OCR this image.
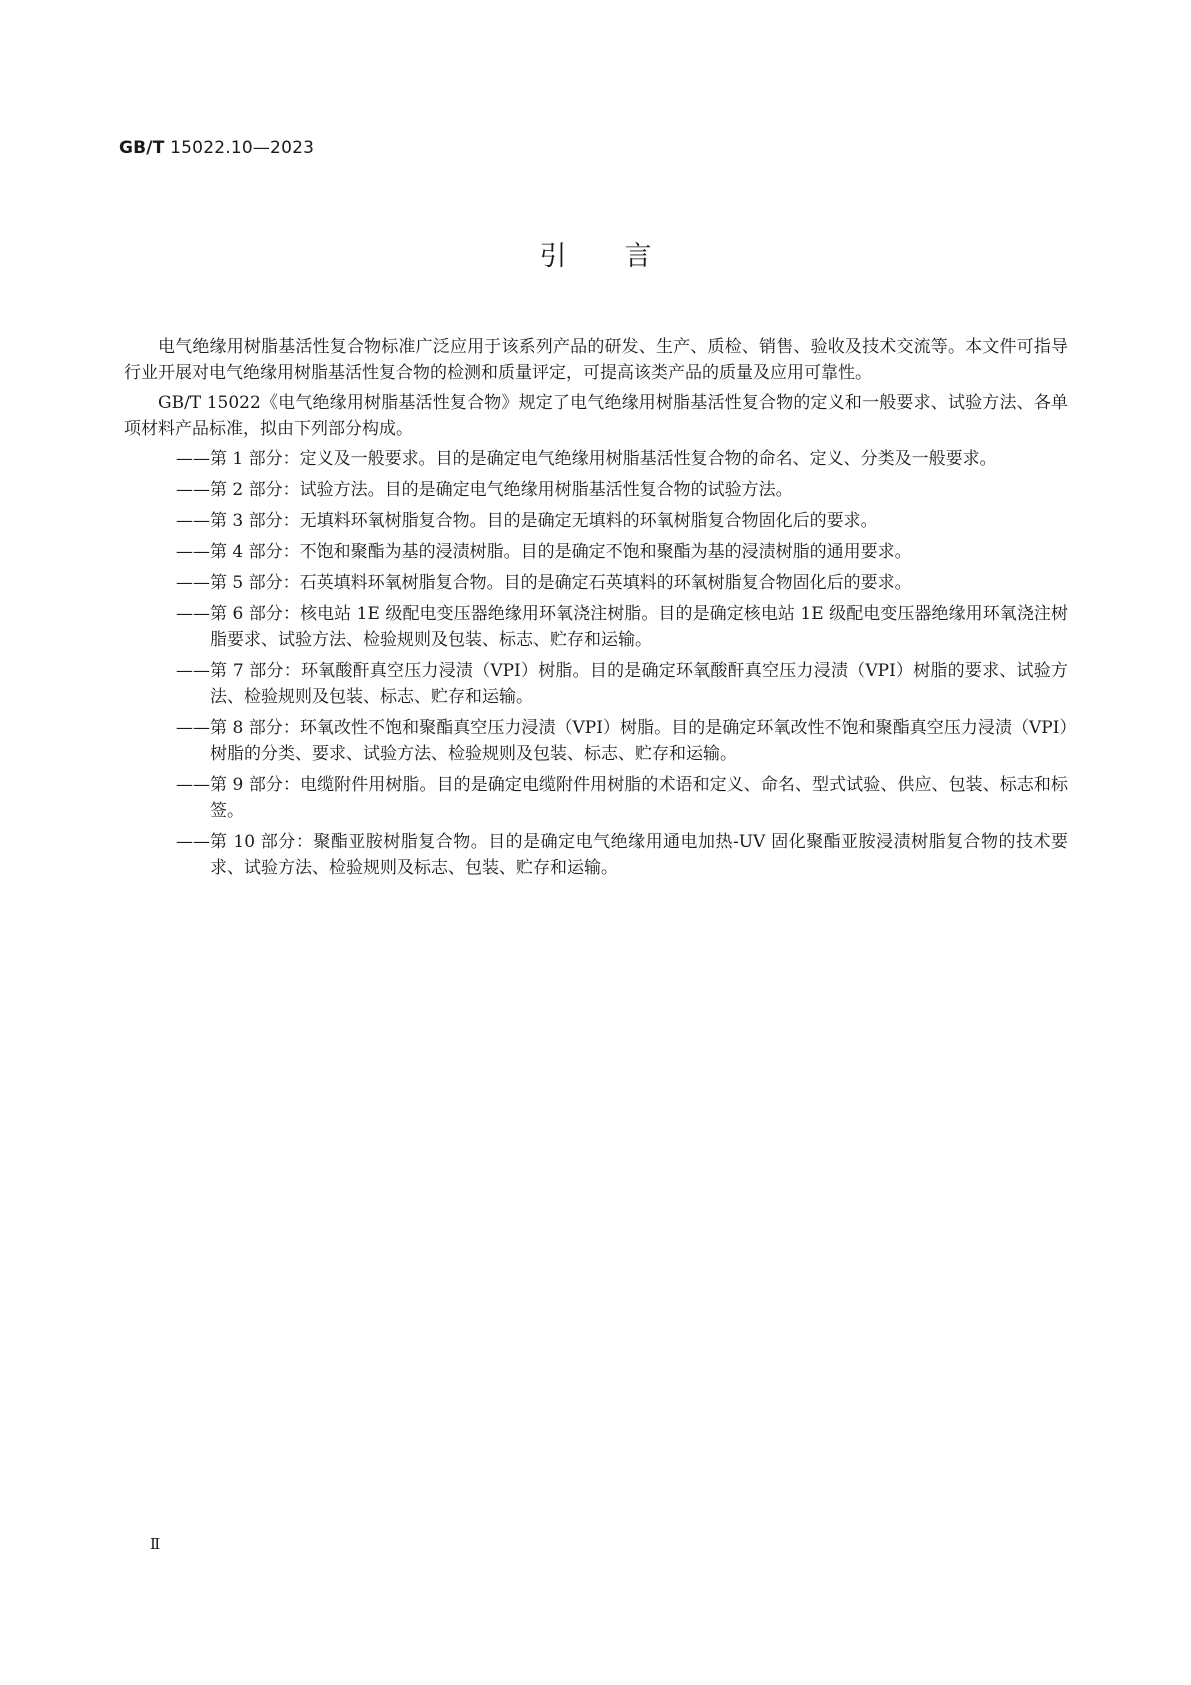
GB/T 15022.10—2023
引言

电气绝缘用树脂基活性复合物标准广泛应用于该系列产品的研发、生产、质检、销售、验收及技术交流等。本文件可指导行业开展对电气绝缘用树脂基活性复合物的检测和质量评定，可提高该类产品的质量及应用可靠性。

GB/T 15022《电气绝缘用树脂基活性复合物》规定了电气绝缘用树脂基活性复合物的定义和一般要求、试验方法、各单项材料产品标准，拟由下列部分构成。

—— 第 1 部分：定义及一般要求。目的是确定电气绝缘用树脂基活性复合物的命名、定义、分类及一般要求。
—— 第 2 部分：试验方法。目的是确定电气绝缘用树脂基活性复合物的试验方法。
—— 第 3 部分：无填料环氧树脂复合物。目的是确定无填料的环氧树脂复合物固化后的要求。
—— 第 4 部分：不饱和聚酯为基的浸渍树脂。目的是确定不饱和聚酯为基的浸渍树脂的通用要求。
—— 第 5 部分：石英填料环氧树脂复合物。目的是确定石英填料的环氧树脂复合物固化后的要求。
—— 第 6 部分：核电站 1E 级配电变压器绝缘用环氧浇注树脂。目的是确定核电站 1E 级配电变压器绝缘用环氧浇注树脂要求、试验方法、检验规则及包装、标志、贮存和运输。
—— 第 7 部分：环氧酸酐真空压力浸渍（VPI）树脂。目的是确定环氧酸酐真空压力浸渍（VPI）树脂的要求、试验方法、检验规则及包装、标志、贮存和运输。
—— 第 8 部分：环氧改性不饱和聚酯真空压力浸渍（VPI）树脂。目的是确定环氧改性不饱和聚酯真空压力浸渍（VPI）树脂的分类、要求、试验方法、检验规则及包装、标志、贮存和运输。
—— 第 9 部分：电缆附件用树脂。目的是确定电缆附件用树脂的术语和定义、命名、型式试验、供应、包装、标志和标签。
—— 第 10 部分：聚酯亚胺树脂复合物。目的是确定电气绝缘用通电加热-UV 固化聚酯亚胺浸渍树脂复合物的技术要求、试验方法、检验规则及标志、包装、贮存和运输。
Ⅱ
